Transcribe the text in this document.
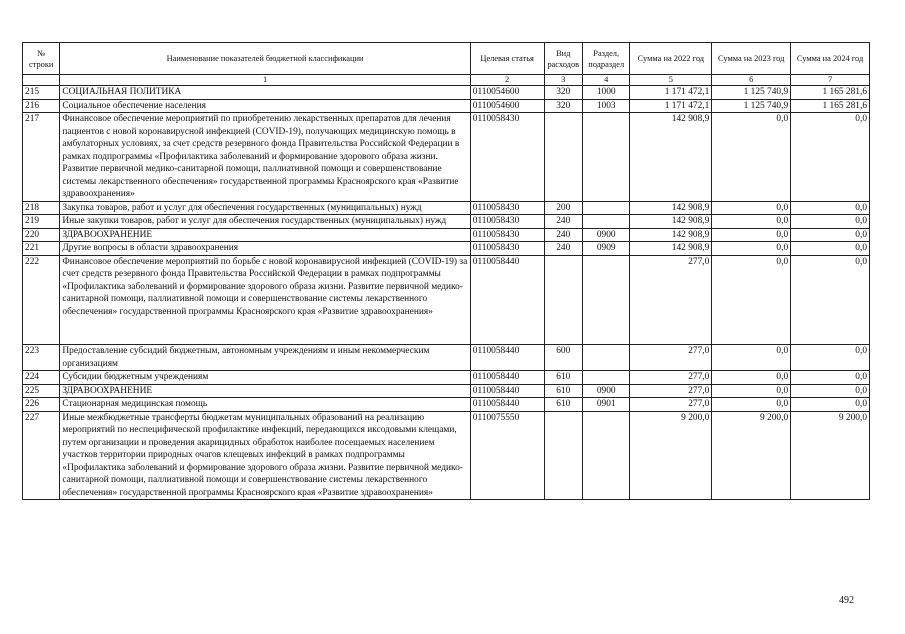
№ строки	Наименование показателей бюджетной классификации	Целевая статья	Вид расходов	Раздел, подраздел	Сумма на 2022 год	Сумма на 2023 год	Сумма на 2024 год
	1	2	3	4	5	6	7
215	СОЦИАЛЬНАЯ ПОЛИТИКА	0110054600	320	1000	1 171 472,1	1 125 740,9	1 165 281,6
216	Социальное обеспечение населения	0110054600	320	1003	1 171 472,1	1 125 740,9	1 165 281,6
217	Финансовое обеспечение мероприятий по приобретению лекарственных препаратов для лечения пациентов с новой коронавирусной инфекцией (COVID-19), получающих медицинскую помощь в амбулаторных условиях, за счет средств резервного фонда Правительства Российской Федерации в рамках подпрограммы «Профилактика заболеваний и формирование здорового образа жизни. Развитие первичной медико-санитарной помощи, паллиативной помощи и совершенствование системы лекарственного обеспечения» государственной программы Красноярского края «Развитие здравоохранения»	0110058430			142 908,9	0,0	0,0
218	Закупка товаров, работ и услуг для обеспечения государственных (муниципальных) нужд	0110058430	200		142 908,9	0,0	0,0
219	Иные закупки товаров, работ и услуг для обеспечения государственных (муниципальных) нужд	0110058430	240		142 908,9	0,0	0,0
220	ЗДРАВООХРАНЕНИЕ	0110058430	240	0900	142 908,9	0,0	0,0
221	Другие вопросы в области здравоохранения	0110058430	240	0909	142 908,9	0,0	0,0
222	Финансовое обеспечение мероприятий по борьбе с новой коронавирусной инфекцией (COVID-19) за счет средств резервного фонда Правительства Российской Федерации в рамках подпрограммы «Профилактика заболеваний и формирование здорового образа жизни. Развитие первичной медико-санитарной помощи, паллиативной помощи и совершенствование системы лекарственного обеспечения» государственной программы Красноярского края «Развитие здравоохранения»	0110058440			277,0	0,0	0,0
223	Предоставление субсидий бюджетным, автономным учреждениям и иным некоммерческим организациям	0110058440	600		277,0	0,0	0,0
224	Субсидии бюджетным учреждениям	0110058440	610		277,0	0,0	0,0
225	ЗДРАВООХРАНЕНИЕ	0110058440	610	0900	277,0	0,0	0,0
226	Стационарная медицинская помощь	0110058440	610	0901	277,0	0,0	0,0
227	Иные межбюджетные трансферты бюджетам муниципальных образований на реализацию мероприятий по неспецифической профилактике инфекций, передающихся иксодовыми клещами, путем организации и проведения акарицидных обработок наиболее посещаемых населением участков территории природных очагов клещевых инфекций в рамках подпрограммы «Профилактика заболеваний и формирование здорового образа жизни. Развитие первичной медико-санитарной помощи, паллиативной помощи и совершенствование системы лекарственного обеспечения» государственной программы Красноярского края «Развитие здравоохранения»	0110075550			9 200,0	9 200,0	9 200,0
492
